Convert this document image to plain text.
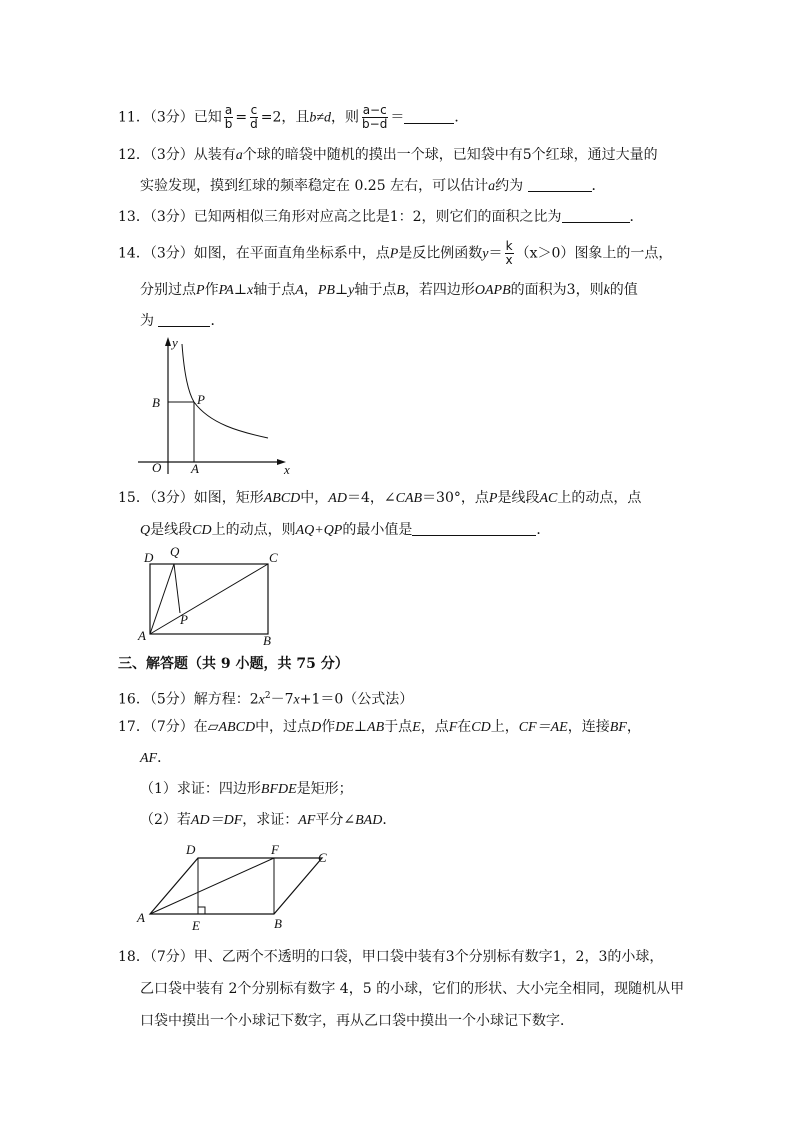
11．（3分）已知 $\frac{a}{b} = \frac{c}{d} =2$，且b≠d，则 $\frac{a-c}{b-d}$ ＝	．
12．（3分）从装有a个球的暗袋中随机的摸出一个球，已知袋中有5个红球，通过大量的
实验发现，摸到红球的频率稳定在 0.25 左右，可以估计a约为	．
13．（3分）已知两相似三角形对应高之比是1：2，则它们的面积之比为	．
14．（3分）如图，在平面直角坐标系中，点P是反比例函数$y= \frac{k}{x} (x>0)$图象上的一点，
分别过点P作PA⊥x轴于点A，PB⊥y轴于点B，若四边形OAPB的面积为3，则k的值
为	．
y
x
B	P
O A
15．（3分）如图，矩形ABCD中，AD＝4，∠CAB＝30°，点P是线段AC上的动点，点
Q是线段CD上的动点，则AQ+QP的最小值是	．
D Q	C
P
A	B
三、解答题（共 9 小题，共 75 分）
16．（5分）解方程：$2x^2-7x+1=0$（公式法）
17．（7分）在▱ABCD中，过点D作DE⊥AB于点E，点F在CD上，CF＝AE，连接BF，
AF．
（1）求证：四边形BFDE是矩形；
（2）若AD＝DF，求证：AF平分∠BAD．
D	F
C
A
E	B
18．（7分）甲、乙两个不透明的口袋，甲口袋中装有3个分别标有数字1，2，3的小球，
乙口袋中装有 2个分别标有数字 4，5 的小球，它们的形状、大小完全相同，现随机从甲
口袋中摸出一个小球记下数字，再从乙口袋中摸出一个小球记下数字．
